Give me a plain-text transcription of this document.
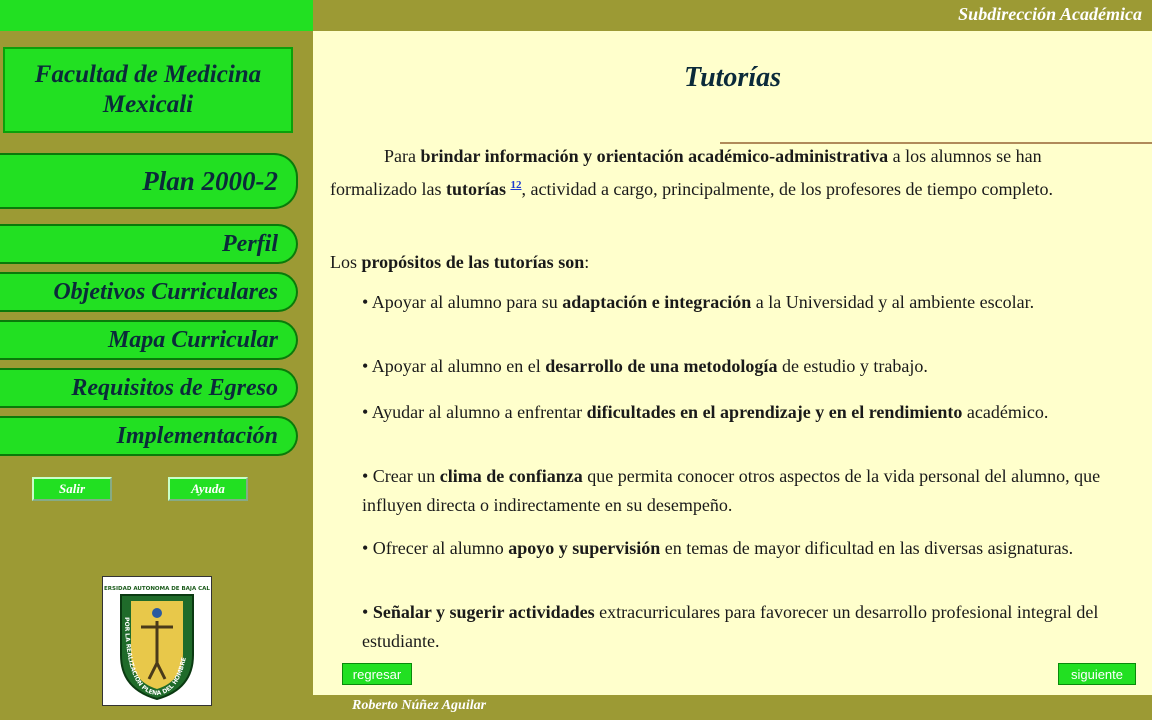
Subdirección Académica
Facultad de Medicina
Mexicali
Plan 2000-2
Perfil
Objetivos Curriculares
Mapa Curricular
Requisitos de Egreso
Implementación
Salir	Ayuda
ERSIDAD AUTONOMA DE BAJA CAL
POR LA REALIZACION PLENA DEL HOMBRE
Roberto Núñez Aguilar
Tutorías
Para brindar información y orientación académico-administrativa a los alumnos se han formalizado las tutorías $^{12}$, actividad a cargo, principalmente, de los profesores de tiempo completo.
Los propósitos de las tutorías son:
• Apoyar al alumno para su adaptación e integración a la Universidad y al ambiente escolar.
• Apoyar al alumno en el desarrollo de una metodología de estudio y trabajo.
• Ayudar al alumno a enfrentar dificultades en el aprendizaje y en el rendimiento académico.
• Crear un clima de confianza que permita conocer otros aspectos de la vida personal del alumno, que influyen directa o indirectamente en su desempeño.
• Ofrecer al alumno apoyo y supervisión en temas de mayor dificultad en las diversas asignaturas.
• Señalar y sugerir actividades extracurriculares para favorecer un desarrollo profesional integral del estudiante.
regresar	siguiente
